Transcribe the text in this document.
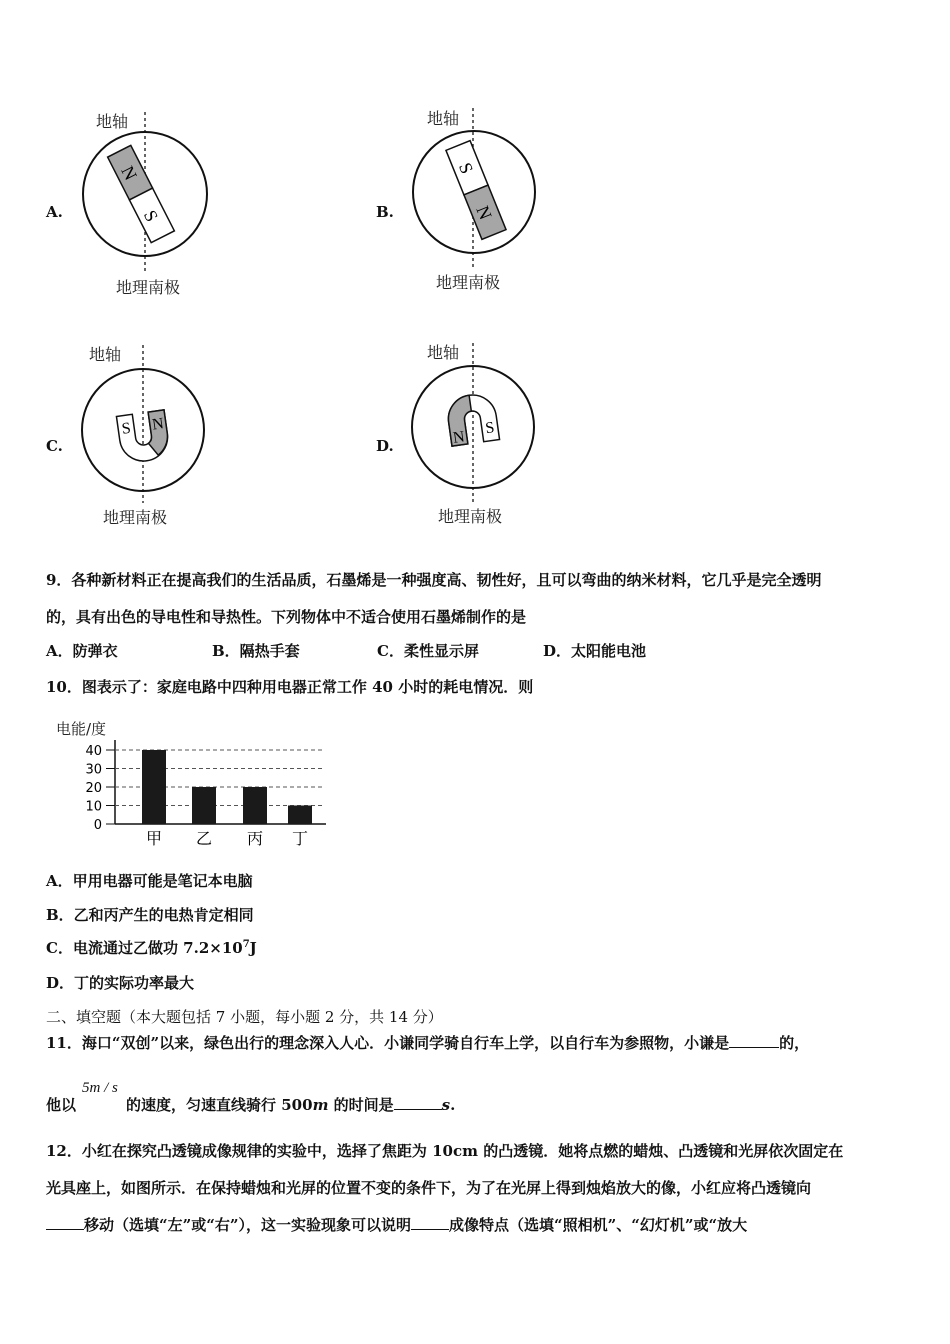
A.
地轴
地理南极
N
S	B.
地轴
地理南极
S
N
C.
地轴
地理南极
S N
D.
地轴
地理南极
N
S
9．各种新材料正在提高我们的生活品质，石墨烯是一种强度高、韧性好，且可以弯曲的纳米材料，它几乎是完全透明
的，具有出色的导电性和导热性。下列物体中不适合使用石墨烯制作的是
A．防弹衣	B．隔热手套	C．柔性显示屏	D．太阳能电池
10．图表示了：家庭电路中四种用电器正常工作 40 小时的耗电情况．则
电能/度
40
30
20
10
0
甲 乙 丙 丁
A．甲用电器可能是笔记本电脑
B．乙和丙产生的电热肯定相同
C．电流通过乙做功 $7.2\times 10^7J$
D．丁的实际功率最大
二、填空题（本大题包括 7 小题，每小题 2 分，共 14 分）
11．海口“双创”以来，绿色出行的理念深入人心．小谦同学骑自行车上学，以自行车为参照物，小谦是	的，
5m / s
他以	的速度，匀速直线骑行 500m 的时间是	s.
12．小红在探究凸透镜成像规律的实验中，选择了焦距为 10cm 的凸透镜．她将点燃的蜡烛、凸透镜和光屏依次固定在
光具座上，如图所示．在保持蜡烛和光屏的位置不变的条件下，为了在光屏上得到烛焰放大的像，小红应将凸透镜向
移动（选填“左”或“右”），这一实验现象可以说明	成像特点（选填“照相机”、“幻灯机”或“放大
